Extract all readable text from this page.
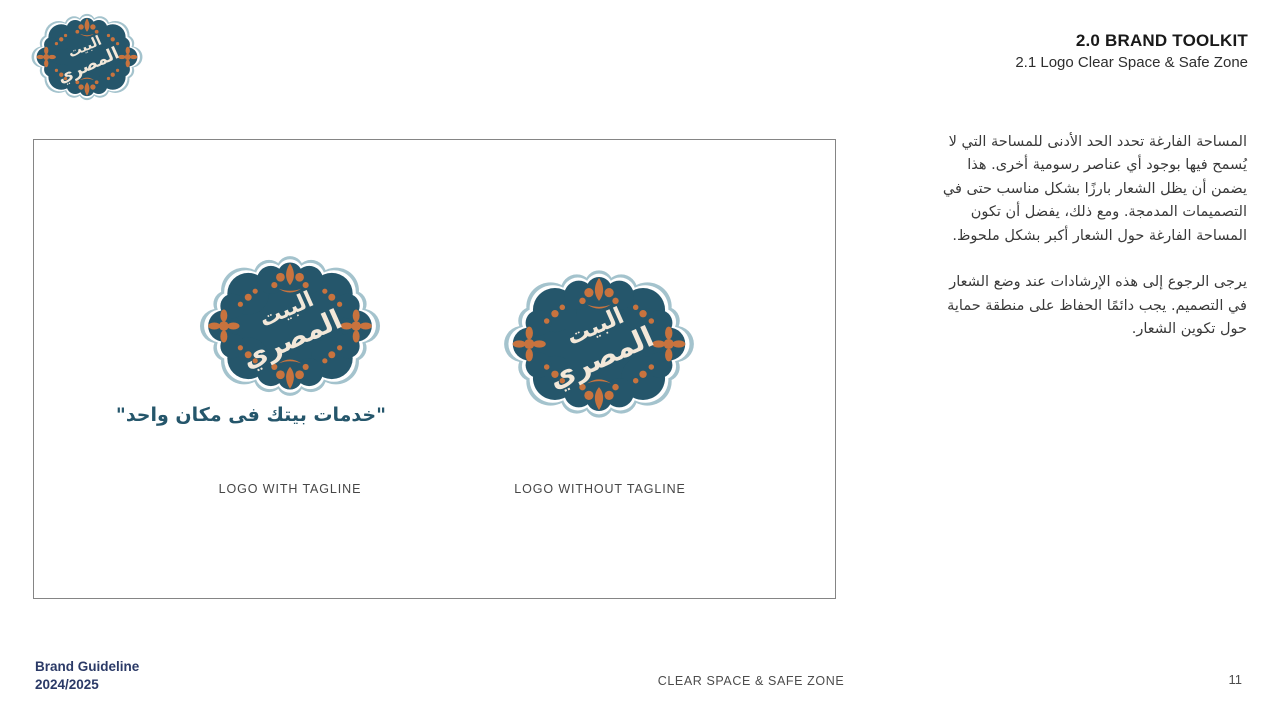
2.0 BRAND TOOLKIT
2.1 Logo Clear Space & Safe Zone
"خدمات بيتك فى مكان واحد"
LOGO WITH TAGLINE	LOGO WITHOUT TAGLINE

المساحة الفارغة تحدد الحد الأدنى للمساحة التي لا يُسمح فيها بوجود أي عناصر رسومية أخرى. هذا يضمن أن يظل الشعار بارزًا بشكل مناسب حتى في التصميمات المدمجة. ومع ذلك، يفضل أن تكون المساحة الفارغة حول الشعار أكبر بشكل ملحوظ.

يرجى الرجوع إلى هذه الإرشادات عند وضع الشعار في التصميم. يجب دائمًا الحفاظ على منطقة حماية حول تكوين الشعار.

Brand Guideline
2024/2025	CLEAR SPACE & SAFE ZONE	11
